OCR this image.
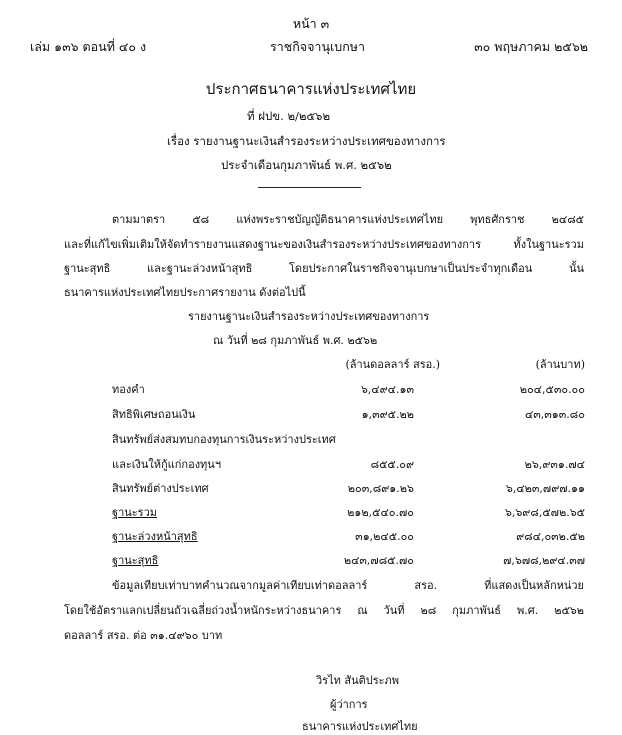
หน้า ๓
เล่ม ๑๓๖ ตอนที่ ๔๐ ง	ราชกิจจานุเบกษา	๓๐ พฤษภาคม ๒๕๖๒
ประกาศธนาคารแห่งประเทศไทย
ที่ ฝปข. ๒/๒๕๖๒
เรื่อง รายงานฐานะเงินสำรองระหว่างประเทศของทางการ
ประจำเดือนกุมภาพันธ์ พ.ศ. ๒๕๖๒
ตามมาตรา ๕๘ แห่งพระราชบัญญัติธนาคารแห่งประเทศไทย พุทธศักราช ๒๔๘๕
และที่แก้ไขเพิ่มเติมให้จัดทำรายงานแสดงฐานะของเงินสำรองระหว่างประเทศของทางการ ทั้งในฐานะรวม
ฐานะสุทธิ และฐานะล่วงหน้าสุทธิ โดยประกาศในราชกิจจานุเบกษาเป็นประจำทุกเดือน นั้น
ธนาคารแห่งประเทศไทยประกาศรายงาน ดังต่อไปนี้
รายงานฐานะเงินสำรองระหว่างประเทศของทางการ
ณ วันที่ ๒๘ กุมภาพันธ์ พ.ศ. ๒๕๖๒
(ล้านดอลลาร์ สรอ.)	(ล้านบาท)
ทองคำ	๖,๔๙๔.๑๓	๒๐๔,๕๓๐.๐๐
สิทธิพิเศษถอนเงิน	๑,๓๙๕.๒๒	๔๓,๓๑๓.๘๐
สินทรัพย์ส่งสมทบกองทุนการเงินระหว่างประเทศ
และเงินให้กู้แก่กองทุนฯ	๘๕๕.๐๙	๒๖,๙๓๑.๗๔
สินทรัพย์ต่างประเทศ	๒๐๓,๘๙๑.๒๖	๖,๔๒๓,๗๙๗.๑๑
ฐานะรวม	๒๑๒,๕๔๐.๗๐	๖,๖๙๘,๕๗๒.๖๕
ฐานะล่วงหน้าสุทธิ	๓๑,๒๔๕.๐๐	๙๘๔,๐๓๒.๕๒
ฐานะสุทธิ	๒๔๓,๗๘๕.๗๐	๗,๖๗๘,๒๙๔.๓๗
ข้อมูลเทียบเท่าบาทคำนวณจากมูลค่าเทียบเท่าดอลลาร์ สรอ. ที่แสดงเป็นหลักหน่วย
โดยใช้อัตราแลกเปลี่ยนถัวเฉลี่ยถ่วงน้ำหนักระหว่างธนาคาร ณ วันที่ ๒๘ กุมภาพันธ์ พ.ศ. ๒๕๖๒
ดอลลาร์ สรอ. ต่อ ๓๑.๔๙๖๐ บาท
วิรไท สันติประภพ
ผู้ว่าการ
ธนาคารแห่งประเทศไทย
